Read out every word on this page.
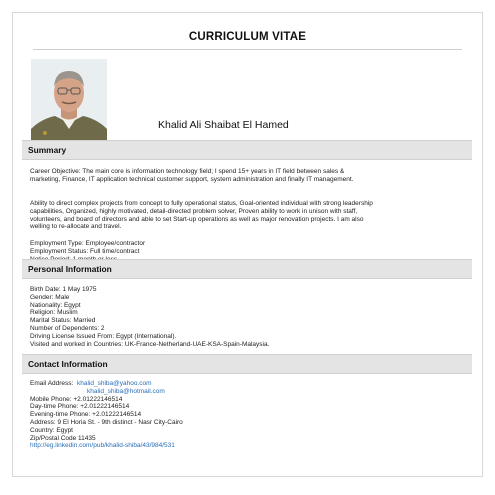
CURRICULUM VITAE
Khalid Ali Shaibat El Hamed
Summary
Career Objective: The main core is information technology field; I spend 15+ years in IT field between sales &
marketing, Finance, IT application technical customer support, system administration and finally IT management.
Ability to direct complex projects from concept to fully operational status, Goal-oriented individual with strong leadership
capabilities, Organized, highly motivated, detail-directed problem solver, Proven ability to work in unison with staff,
volunteers, and board of directors and able to set Start-up operations as well as major renovation projects. I am also
welling to re-allocate and travel.
Employment Type: Employee/contractor
Employment Status: Full time/contract
Personal Information
Birth Date: 1 May 1975
Gender: Male
Nationality: Egypt
Religion: Muslim
Marital Status: Married
Number of Dependents: 2
Driving License Issued From: Egypt (International).
Visited and worked in Countries: UK-France-Netherland-UAE-KSA-Spain-Malaysia.
Contact Information
Email Address: khalid_shiba@yahoo.com
khalid_shiba@hotmail.com
Mobile Phone: +2.01222146514
Day-time Phone: +2.01222146514
Evening-time Phone: +2.01222146514
Address: 9 El Horia St. - 9th distinct - Nasr City-Cairo
Country: Egypt
Zip/Postal Code 11435
http://eg.linkedin.com/pub/khalid-shiba/43/984/531
